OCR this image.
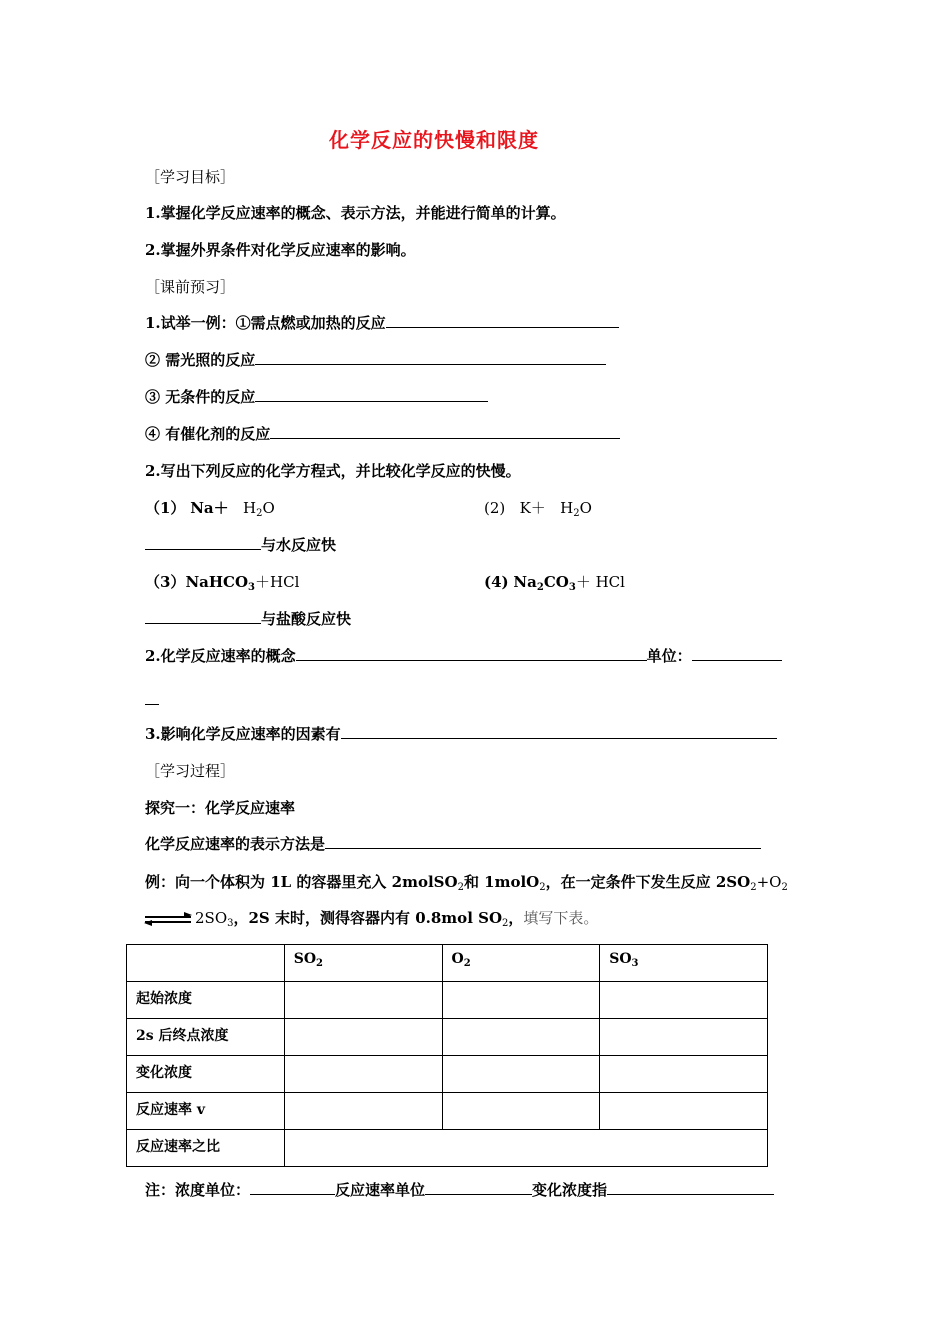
化学反应的快慢和限度
［学习目标］
1.掌握化学反应速率的概念、表示方法，并能进行简单的计算。
2.掌握外界条件对化学反应速率的影响。
［课前预习］
1.试举一例：①需点燃或加热的反应
② 需光照的反应
③ 无条件的反应
④ 有催化剂的反应
2.写出下列反应的化学方程式，并比较化学反应的快慢。
（1） $Na+ H_2O$	(2) $K+ H_2O$
与水反应快
（3）NaHCO$_3$＋HCl	(4) $Na_2CO_3+$ HCl
与盐酸反应快
2.化学反应速率的概念	单位：
3.影响化学反应速率的因素有
［学习过程］
探究一：化学反应速率
化学反应速率的表示方法是
例：向一个体积为 1L 的容器里充入 2molSO$_2$和 1molO$_2$，在一定条件下发生反应 $2SO_2+O_2$
$2SO_3$，2S 末时，测得容器内有 0.8mol $SO_2$，填写下表。
	$SO_2$	$O_2$	$SO_3$
起始浓度			
2s 后终点浓度			
变化浓度			
反应速率 v			
反应速率之比			
注：浓度单位：	反应速率单位	变化浓度指
